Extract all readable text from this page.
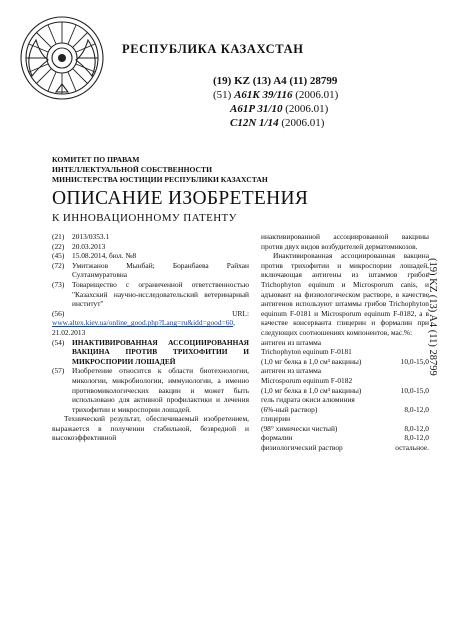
РЕСПУБЛИКА КАЗАХСТАН
(19) KZ (13) A4 (11) 28799
(51) A61K 39/116 (2006.01)
A61P 31/10 (2006.01)
C12N 1/14 (2006.01)
КОМИТЕТ ПО ПРАВАМ
ИНТЕЛЛЕКТУАЛЬНОЙ СОБСТВЕННОСТИ
МИНИСТЕРСТВА ЮСТИЦИИ РЕСПУБЛИКИ КАЗАХСТАН
ОПИСАНИЕ ИЗОБРЕТЕНИЯ
К ИННОВАЦИОННОМУ ПАТЕНТУ
(21)	2013/0353.1
(22)	20.03.2013
(45)	15.08.2014, бюл. №8
(72)	Умитжанов Мынбай; Боранбаева Райхан Султанмуратовна
(73)	Товарищество с ограниченной ответственностью "Казахский научно-исследовательский ветеринарный институт"
(56)	URL:
www.altex.kiev.ua/online_good.php?Lang=ru&idd=good=60, 21.02.2013
(54)	ИНАКТИВИРОВАННАЯ АССОЦИИРОВАННАЯ ВАКЦИНА ПРОТИВ ТРИХОФИТИИ И МИКРОСПОРИИ ЛОШАДЕЙ
(57)	Изобретение относится к области биотехнологии, микологии, микробиологии, иммунологии, а именно противомикологических вакцин и может быть использовано для активной профилактики и лечения трихофитии и микроспории лошадей.
Технический результат, обеспечиваемый изобретением, выражается в получении стабильной, безвредной и высокоэффективной
инактивированной ассоциированной вакцины против двух видов возбудителей дерматомикозов.
Инактивированная ассоциированная вакцина против трихофитии и микроспории лошадей, включающая антигены из штаммов грибов Trichophyton equinum и Microsporum canis, и адъювант на физиологическом растворе, в качестве антигенов используют штаммы грибов Trichophyton equinum F-0181 и Microsporum equinum F-0182, а в качестве консерванта глицерин и формалин при следующих соотношениях компонентов, мас.%:
антиген из штамма
Trichophyton equinum F-0181
(1,0 мг белка в 1,0 см³ вакцины)	10,0-15,0
антиген из штамма
Microsporum equinum F-0182
(1,0 мг белка в 1,0 см³ вакцины)	10,0-15,0
гель гидрата окиси алюминия
(6%-ный раствор)	8,0-12,0
глицерин
(98° химически чистый)	8,0-12,0
формалин	8,0-12,0
физиологический раствор	остальное.
(19) KZ (13) A4 (11) 28799
